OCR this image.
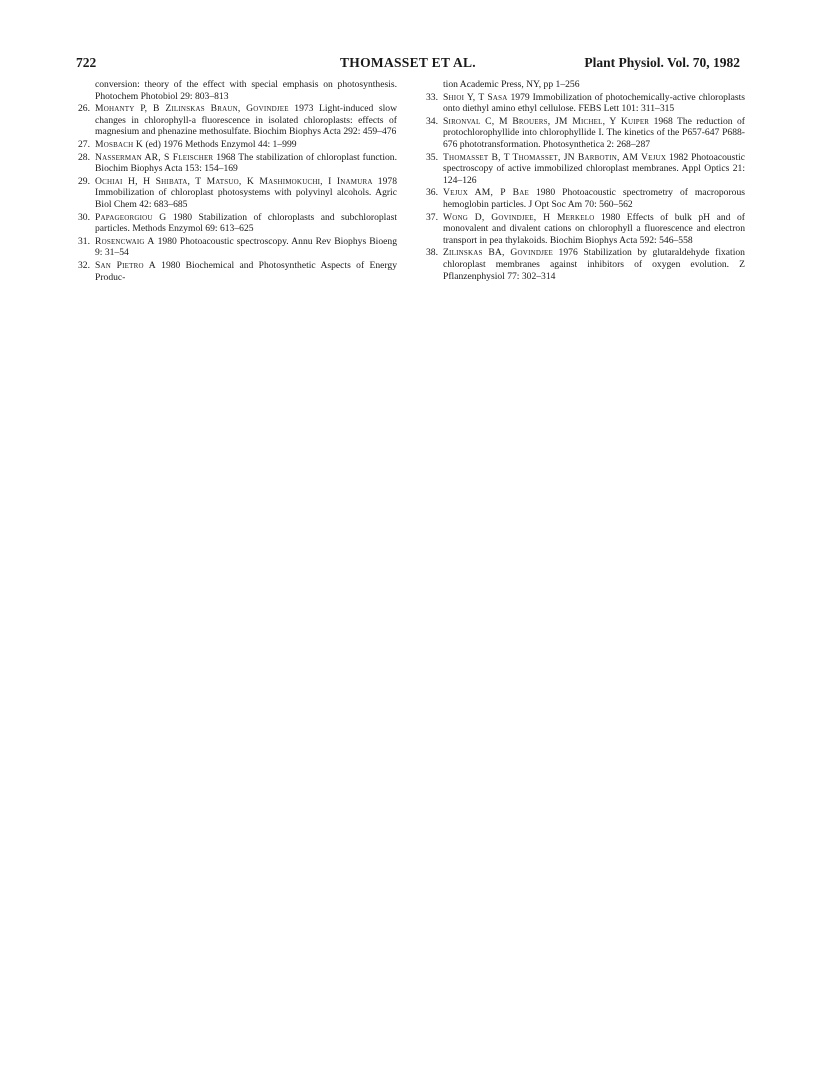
722	THOMASSET ET AL.	Plant Physiol. Vol. 70, 1982

conversion: theory of the effect with special emphasis on photosynthesis. Photochem Photobiol 29: 803–813

26. Mohanty P, B Zilinskas Braun, Govindjee 1973 Light-induced slow changes in chlorophyll-a fluorescence in isolated chloroplasts: effects of magnesium and phenazine methosulfate. Biochim Biophys Acta 292: 459–476

27. Mosbach K (ed) 1976 Methods Enzymol 44: 1–999

28. Nasserman AR, S Fleischer 1968 The stabilization of chloroplast function. Biochim Biophys Acta 153: 154–169

29. Ochiai H, H Shibata, T Matsuo, K Mashimokuchi, I Inamura 1978 Immobilization of chloroplast photosystems with polyvinyl alcohols. Agric Biol Chem 42: 683–685

30. Papageorgiou G 1980 Stabilization of chloroplasts and subchloroplast particles. Methods Enzymol 69: 613–625

31. Rosencwaig A 1980 Photoacoustic spectroscopy. Annu Rev Biophys Bioeng 9: 31–54

32. San Pietro A 1980 Biochemical and Photosynthetic Aspects of Energy Produc-

tion Academic Press, NY, pp 1–256

33. Shioi Y, T Sasa 1979 Immobilization of photochemically-active chloroplasts onto diethyl amino ethyl cellulose. FEBS Lett 101: 311–315

34. Sironval C, M Brouers, JM Michel, Y Kuiper 1968 The reduction of protochlorophyllide into chlorophyllide I. The kinetics of the P657-647 P688-676 phototransformation. Photosynthetica 2: 268–287

35. Thomasset B, T Thomasset, JN Barbotin, AM Vejux 1982 Photoacoustic spectroscopy of active immobilized chloroplast membranes. Appl Optics 21: 124–126

36. Vejux AM, P Bae 1980 Photoacoustic spectrometry of macroporous hemoglobin particles. J Opt Soc Am 70: 560–562

37. Wong D, Govindjee, H Merkelo 1980 Effects of bulk pH and of monovalent and divalent cations on chlorophyll a fluorescence and electron transport in pea thylakoids. Biochim Biophys Acta 592: 546–558

38. Zilinskas BA, Govindjee 1976 Stabilization by glutaraldehyde fixation chloroplast membranes against inhibitors of oxygen evolution. Z Pflanzenphysiol 77: 302–314
